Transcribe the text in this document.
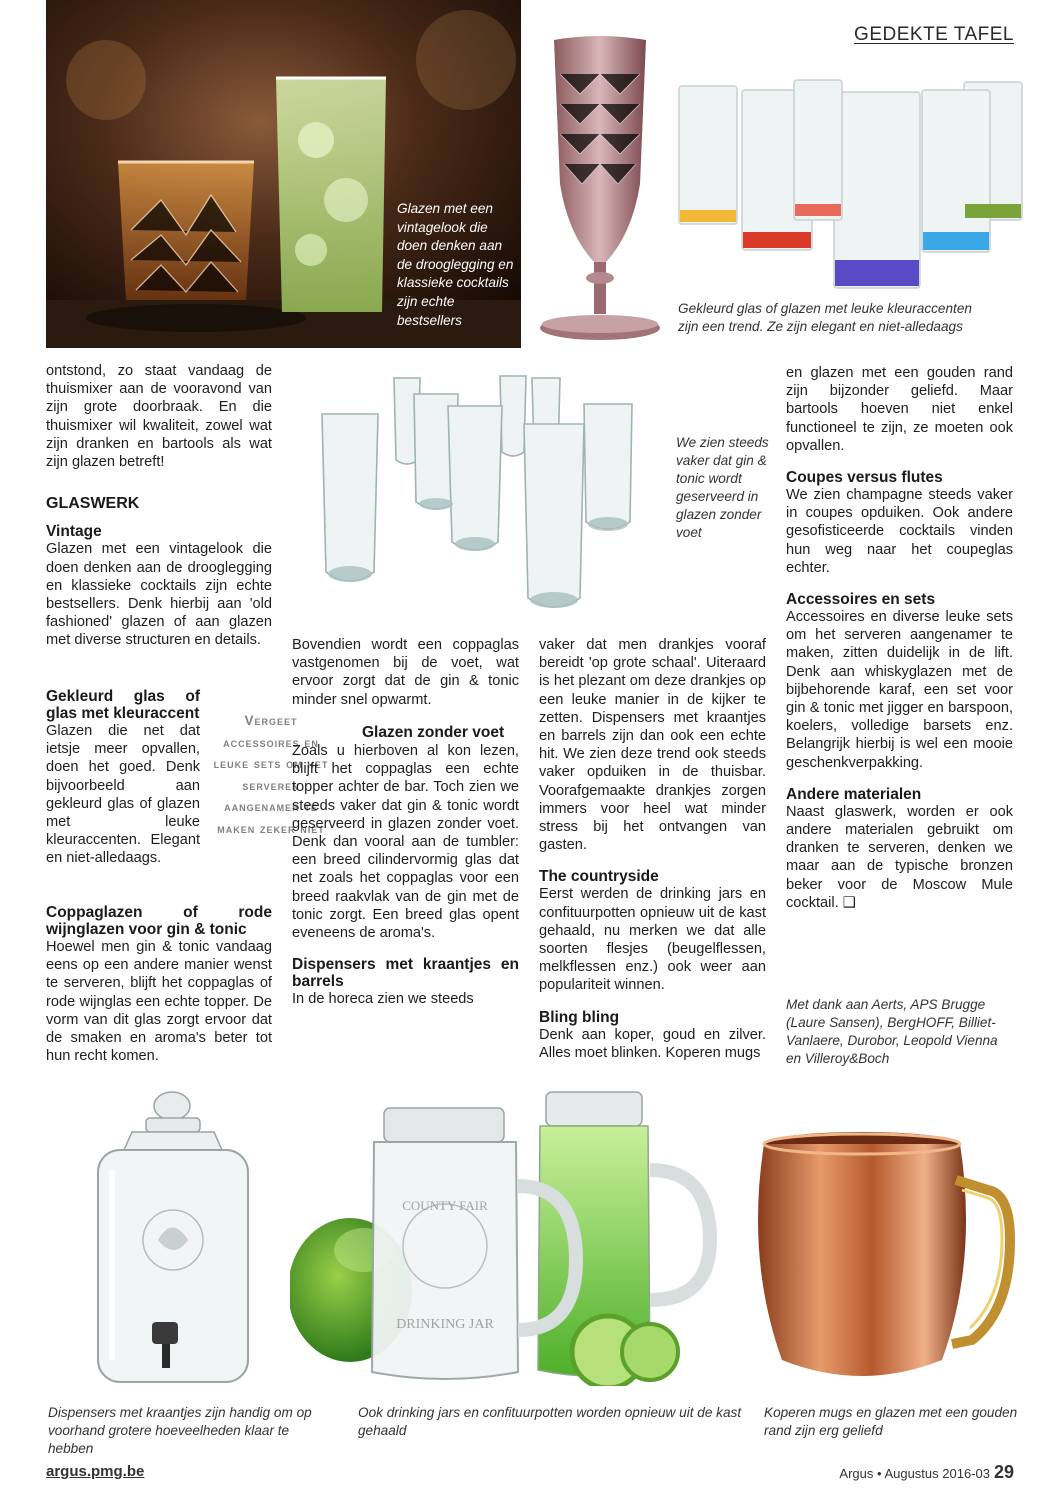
GEDEKTE TAFEL
Glazen met een vintagelook die doen denken aan de drooglegging en klassieke cocktails zijn echte bestsellers
Gekleurd glas of glazen met leuke kleuraccenten zijn een trend. Ze zijn elegant en niet-alledaags
We zien steeds vaker dat gin & tonic wordt geserveerd in glazen zonder voet
Vergeet accessoires en leuke sets om het serveren aangenamer te maken zeker niet

ontstond, zo staat vandaag de thuismixer aan de vooravond van zijn grote doorbraak. En die thuismixer wil kwaliteit, zowel wat zijn dranken en bartools als wat zijn glazen betreft!

GLASWERK

Vintage

Glazen met een vintagelook die doen denken aan de drooglegging en klassieke cocktails zijn echte bestsellers. Denk hierbij aan 'old fashioned' glazen of aan glazen met diverse structuren en details.

Gekleurd glas of glas met kleuraccent

Glazen die net dat ietsje meer opvallen, doen het goed. Denk bijvoorbeeld aan gekleurd glas of glazen met leuke kleuraccenten. Elegant en niet-alledaags.

Coppaglazen of rode wijnglazen voor gin & tonic

Hoewel men gin & tonic vandaag eens op een andere manier wenst te serveren, blijft het coppaglas of rode wijnglas een echte topper. De vorm van dit glas zorgt ervoor dat de smaken en aroma's beter tot hun recht komen.

Bovendien wordt een coppaglas vastgenomen bij de voet, wat ervoor zorgt dat de gin & tonic minder snel opwarmt.

Glazen zonder voet

Zoals u hierboven al kon lezen, blijft het coppaglas een echte topper achter de bar. Toch zien we steeds vaker dat gin & tonic wordt geserveerd in glazen zonder voet. Denk dan vooral aan de tumbler: een breed cilindervormig glas dat net zoals het coppaglas voor een breed raakvlak van de gin met de tonic zorgt. Een breed glas opent eveneens de aroma's.

Dispensers met kraantjes en barrels

In de horeca zien we steeds

vaker dat men drankjes vooraf bereidt 'op grote schaal'. Uiteraard is het plezant om deze drankjes op een leuke manier in de kijker te zetten. Dispensers met kraantjes en barrels zijn dan ook een echte hit. We zien deze trend ook steeds vaker opduiken in de thuisbar. Voorafgemaakte drankjes zorgen immers voor heel wat minder stress bij het ontvangen van gasten.

The countryside

Eerst werden de drinking jars en confituurpotten opnieuw uit de kast gehaald, nu merken we dat alle soorten flesjes (beugelflessen, melkflessen enz.) ook weer aan populariteit winnen.

Bling bling

Denk aan koper, goud en zilver. Alles moet blinken. Koperen mugs

en glazen met een gouden rand zijn bijzonder geliefd. Maar bartools hoeven niet enkel functioneel te zijn, ze moeten ook opvallen.

Coupes versus flutes

We zien champagne steeds vaker in coupes opduiken. Ook andere gesofisticeerde cocktails vinden hun weg naar het coupeglas echter.

Accessoires en sets

Accessoires en diverse leuke sets om het serveren aangenamer te maken, zitten duidelijk in de lift. Denk aan whiskyglazen met de bijbehorende karaf, een set voor gin & tonic met jigger en barspoon, koelers, volledige barsets enz. Belangrijk hierbij is wel een mooie geschenkverpakking.

Andere materialen

Naast glaswerk, worden er ook andere materialen gebruikt om dranken te serveren, denken we maar aan de typische bronzen beker voor de Moscow Mule cocktail. ❑

Met dank aan Aerts, APS Brugge (Laure Sansen), BergHOFF, Billiet-Vanlaere, Durobor, Leopold Vienna en Villeroy&Boch
COUNTY FAIR
DRINKING JAR
Dispensers met kraantjes zijn handig om op voorhand grotere hoeveelheden klaar te hebben
Ook drinking jars en confituurpotten worden opnieuw uit de kast gehaald
Koperen mugs en glazen met een gouden rand zijn erg geliefd
argus.pmg.be	Argus • Augustus 2016-03 29
